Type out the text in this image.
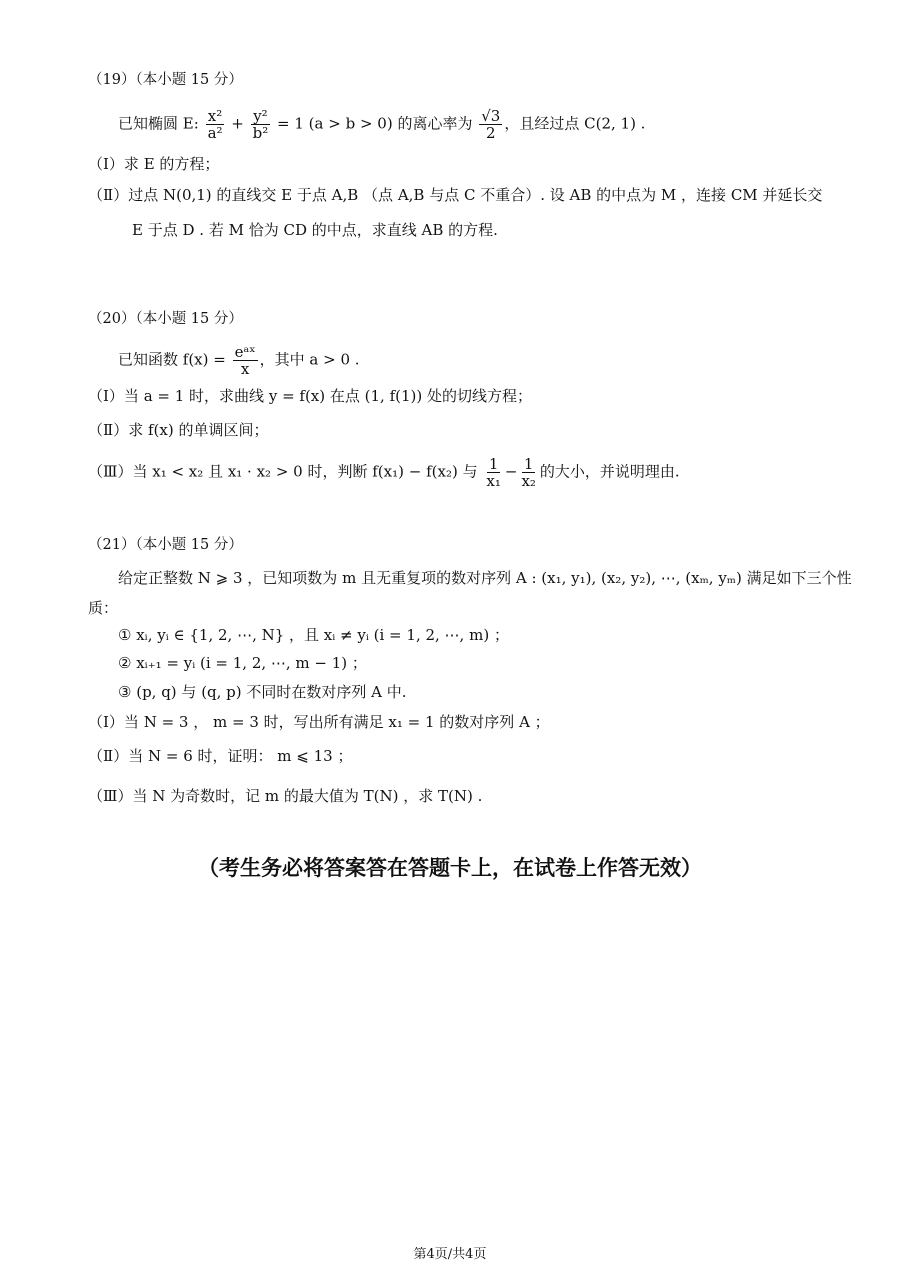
（19）（本小题 15 分）
已知椭圆 E: $\frac{\text{x²}}{\text{a²}} + \frac{\text{y²}}{\text{b²}} = 1$ (a > b > 0) 的离心率为 $\frac{√3}{2}$ ，且经过点 C(2, 1) .
（Ⅰ）求 E 的方程；
（Ⅱ）过点 N(0,1) 的直线交 E 于点 A,B （点 A,B 与点 C 不重合）. 设 AB 的中点为 M ，连接 CM 并延长交
E 于点 D . 若 M 恰为 CD 的中点，求直线 AB 的方程.
（20）（本小题 15 分）
已知函数 $f(x) = \frac{\text{eᵃˣ}}{x}$ ，其中 a > 0 .
（Ⅰ）当 a = 1 时，求曲线 y = f(x) 在点 (1, f(1)) 处的切线方程；
（Ⅱ）求 f(x) 的单调区间；
（Ⅲ）当 x₁ < x₂ 且 x₁ · x₂ > 0 时，判断 f(x₁) − f(x₂) 与 $\frac{1}{\text{x₁}} - \frac{1}{\text{x₂}}$ 的大小，并说明理由.
（21）（本小题 15 分）
给定正整数 N ⩾ 3 ，已知项数为 m 且无重复项的数对序列 A : (x₁, y₁), (x₂, y₂), ⋯, (xₘ, yₘ) 满足如下三个性
质：
① xᵢ, yᵢ ∈ {1, 2, ⋯, N} ，且 xᵢ ≠ yᵢ (i = 1, 2, ⋯, m) ；
② xᵢ₊₁ = yᵢ (i = 1, 2, ⋯, m − 1) ；
③ (p, q) 与 (q, p) 不同时在数对序列 A 中.
（Ⅰ）当 N = 3 ， m = 3 时，写出所有满足 x₁ = 1 的数对序列 A ；
（Ⅱ）当 N = 6 时，证明： m ⩽ 13 ；
（Ⅲ）当 N 为奇数时，记 m 的最大值为 T(N) ，求 T(N) .
（考生务必将答案答在答题卡上，在试卷上作答无效）
第4页/共4页
